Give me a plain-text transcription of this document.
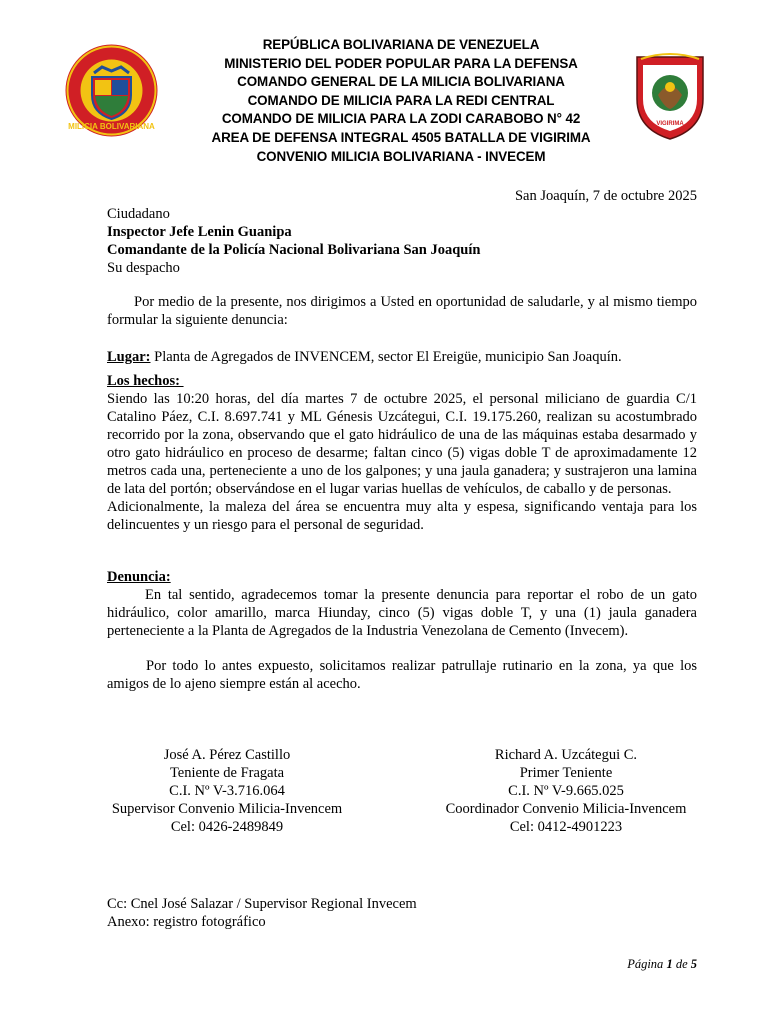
MILICIA BOLIVARIANA	VIGIRIMA
REPÚBLICA BOLIVARIANA DE VENEZUELA
MINISTERIO DEL PODER POPULAR PARA LA DEFENSA
COMANDO GENERAL DE LA MILICIA BOLIVARIANA
COMANDO DE MILICIA PARA LA REDI CENTRAL
COMANDO DE MILICIA PARA LA ZODI CARABOBO N° 42
AREA DE DEFENSA INTEGRAL 4505 BATALLA DE VIGIRIMA
CONVENIO MILICIA BOLIVARIANA - INVECEM
San Joaquín, 7 de octubre 2025
Ciudadano
Inspector Jefe Lenin Guanipa
Comandante de la Policía Nacional Bolivariana San Joaquín
Su despacho
Por medio de la presente, nos dirigimos a Usted en oportunidad de saludarle, y al mismo tiempo formular la siguiente denuncia:
Lugar: Planta de Agregados de INVENCEM, sector El Ereigüe, municipio San Joaquín.
Los hechos:
Siendo las 10:20 horas, del día martes 7 de octubre 2025, el personal miliciano de guardia C/1 Catalino Páez, C.I. 8.697.741 y ML Génesis Uzcátegui, C.I. 19.175.260, realizan su acostumbrado recorrido por la zona, observando que el gato hidráulico de una de las máquinas estaba desarmado y otro gato hidráulico en proceso de desarme; faltan cinco (5) vigas doble T de aproximadamente 12 metros cada una, perteneciente a uno de los galpones; y una jaula ganadera; y sustrajeron una lamina de lata del portón; observándose en el lugar varias huellas de vehículos, de caballo y de personas.
Adicionalmente, la maleza del área se encuentra muy alta y espesa, significando ventaja para los delincuentes y un riesgo para el personal de seguridad.
Denuncia:
En tal sentido, agradecemos tomar la presente denuncia para reportar el robo de un gato hidráulico, color amarillo, marca Hiunday, cinco (5) vigas doble T, y una (1) jaula ganadera perteneciente a la Planta de Agregados de la Industria Venezolana de Cemento (Invecem).
Por todo lo antes expuesto, solicitamos realizar patrullaje rutinario en la zona, ya que los amigos de lo ajeno siempre están al acecho.
José A. Pérez Castillo
Teniente de Fragata
C.I. Nº V-3.716.064
Supervisor Convenio Milicia-Invencem
Cel: 0426-2489849
Richard A. Uzcátegui C.
Primer Teniente
C.I. Nº V-9.665.025
Coordinador Convenio Milicia-Invencem
Cel: 0412-4901223
Cc: Cnel José Salazar / Supervisor Regional Invecem
Anexo: registro fotográfico
Página 1 de 5
